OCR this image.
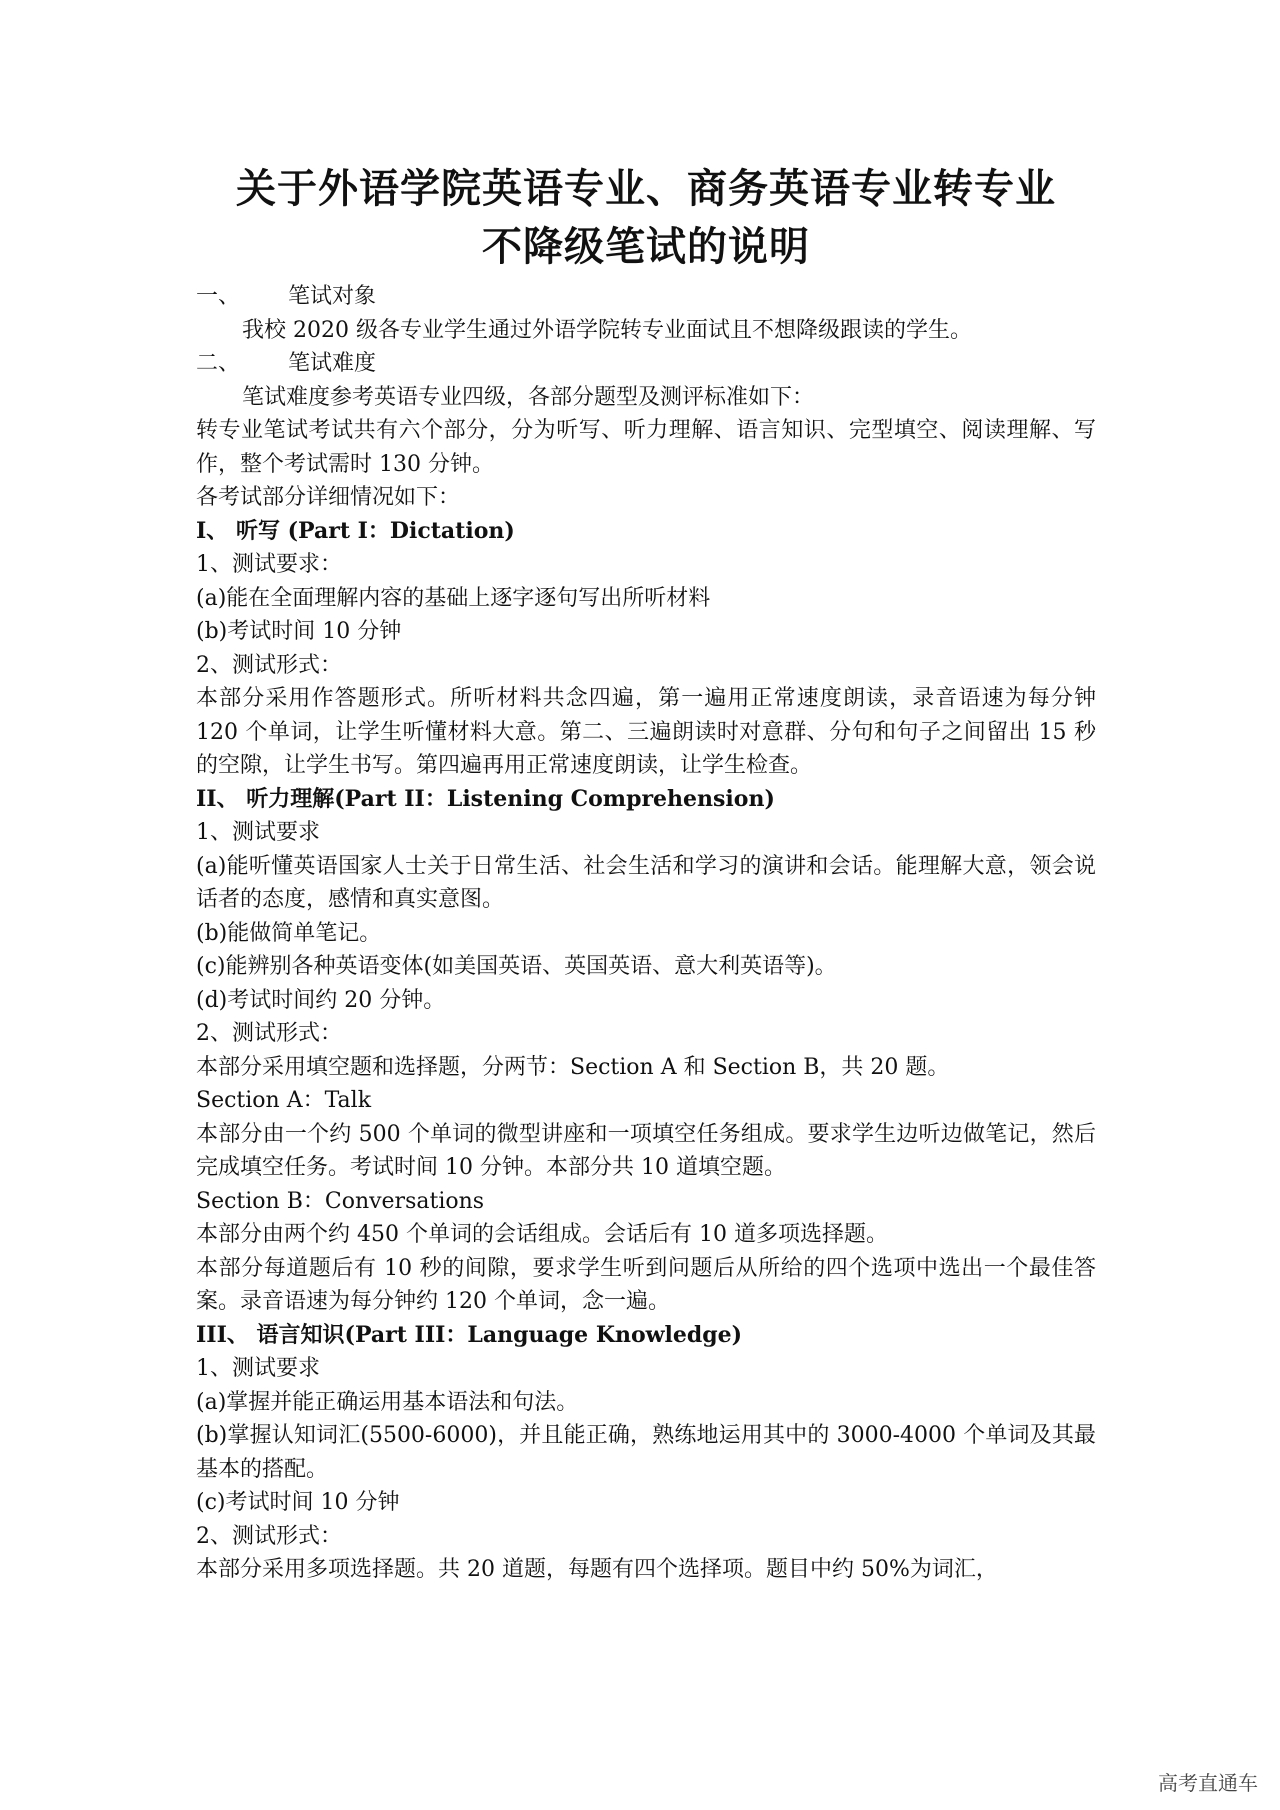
关于外语学院英语专业、商务英语专业转专业
不降级笔试的说明
一、	笔试对象

我校 2020 级各专业学生通过外语学院转专业面试且不想降级跟读的学生。

二、	笔试难度

笔试难度参考英语专业四级，各部分题型及测评标准如下：

转专业笔试考试共有六个部分，分为听写、听力理解、语言知识、完型填空、阅读理解、写作，整个考试需时 130 分钟。

各考试部分详细情况如下：

I、 听写 (Part I：Dictation)

1、测试要求：

(a)能在全面理解内容的基础上逐字逐句写出所听材料

(b)考试时间 10 分钟

2、测试形式：

本部分采用作答题形式。所听材料共念四遍，第一遍用正常速度朗读，录音语速为每分钟 120 个单词，让学生听懂材料大意。第二、三遍朗读时对意群、分句和句子之间留出 15 秒的空隙，让学生书写。第四遍再用正常速度朗读，让学生检查。

II、 听力理解(Part II：Listening Comprehension)

1、测试要求

(a)能听懂英语国家人士关于日常生活、社会生活和学习的演讲和会话。能理解大意，领会说话者的态度，感情和真实意图。

(b)能做简单笔记。

(c)能辨别各种英语变体(如美国英语、英国英语、意大利英语等)。

(d)考试时间约 20 分钟。

2、测试形式：

本部分采用填空题和选择题，分两节：Section A 和 Section B，共 20 题。

Section A：Talk

本部分由一个约 500 个单词的微型讲座和一项填空任务组成。要求学生边听边做笔记，然后完成填空任务。考试时间 10 分钟。本部分共 10 道填空题。

Section B：Conversations

本部分由两个约 450 个单词的会话组成。会话后有 10 道多项选择题。

本部分每道题后有 10 秒的间隙，要求学生听到问题后从所给的四个选项中选出一个最佳答案。录音语速为每分钟约 120 个单词，念一遍。

III、 语言知识(Part III：Language Knowledge)

1、测试要求

(a)掌握并能正确运用基本语法和句法。

(b)掌握认知词汇(5500-6000)，并且能正确，熟练地运用其中的 3000-4000 个单词及其最基本的搭配。

(c)考试时间 10 分钟

2、测试形式：

本部分采用多项选择题。共 20 道题，每题有四个选择项。题目中约 50%为词汇，

高考直通车
